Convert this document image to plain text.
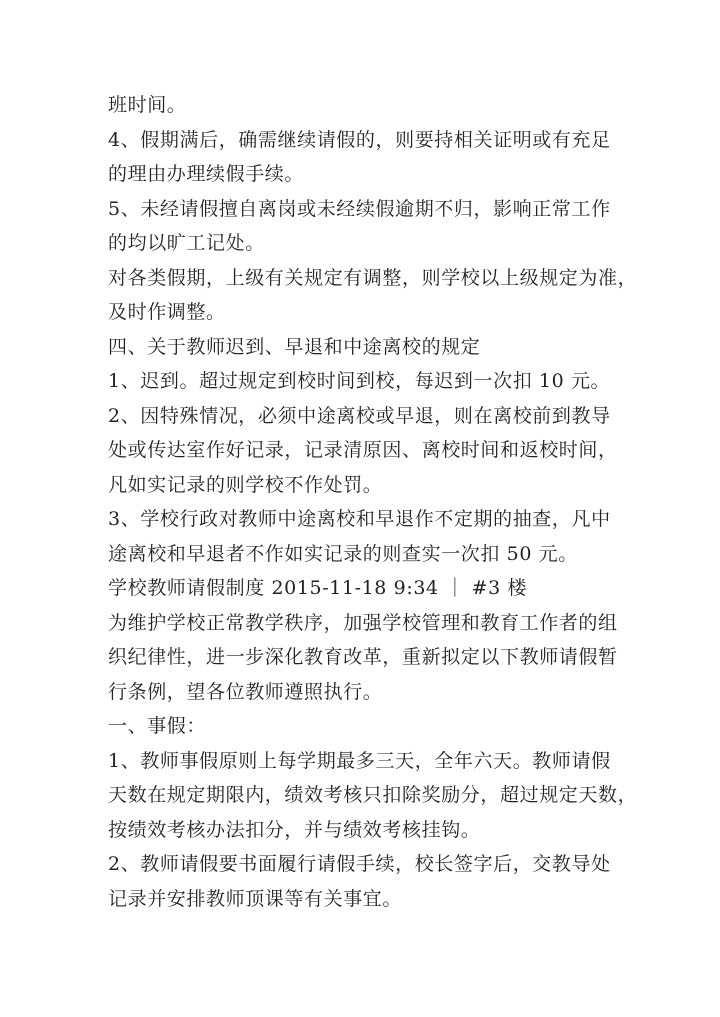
班时间。
4、假期满后，确需继续请假的，则要持相关证明或有充足
的理由办理续假手续。
5、未经请假擅自离岗或未经续假逾期不归，影响正常工作
的均以旷工记处。
对各类假期，上级有关规定有调整，则学校以上级规定为准，
及时作调整。
四、关于教师迟到、早退和中途离校的规定
1、迟到。超过规定到校时间到校，每迟到一次扣 10 元。
2、因特殊情况，必须中途离校或早退，则在离校前到教导
处或传达室作好记录，记录清原因、离校时间和返校时间，
凡如实记录的则学校不作处罚。
3、学校行政对教师中途离校和早退作不定期的抽查，凡中
途离校和早退者不作如实记录的则查实一次扣 50 元。
学校教师请假制度 2015-11-18 9:34 ｜ #3 楼
为维护学校正常教学秩序，加强学校管理和教育工作者的组
织纪律性，进一步深化教育改革，重新拟定以下教师请假暂
行条例，望各位教师遵照执行。
一、事假：
1、教师事假原则上每学期最多三天，全年六天。教师请假
天数在规定期限内，绩效考核只扣除奖励分，超过规定天数，
按绩效考核办法扣分，并与绩效考核挂钩。
2、教师请假要书面履行请假手续，校长签字后，交教导处
记录并安排教师顶课等有关事宜。
